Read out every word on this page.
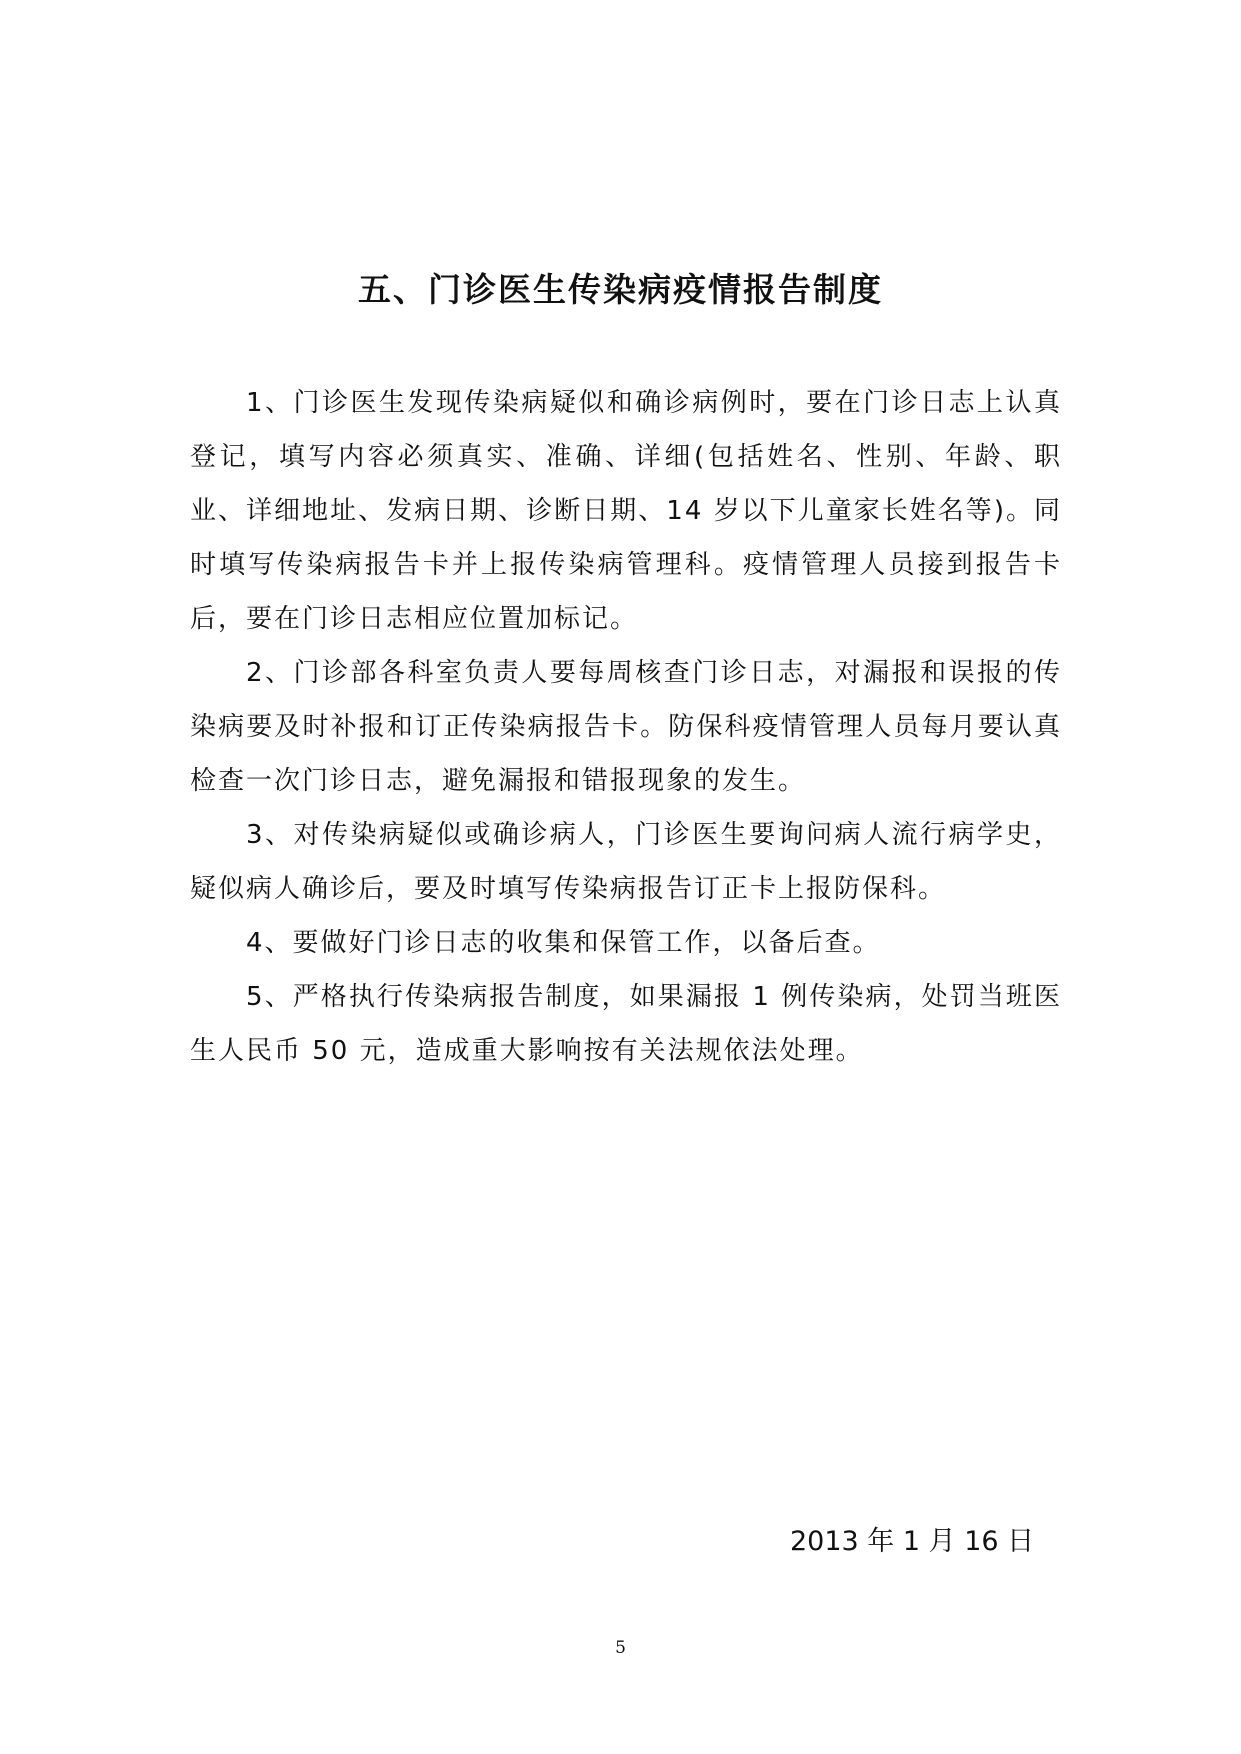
五、门诊医生传染病疫情报告制度

1、门诊医生发现传染病疑似和确诊病例时，要在门诊日志上认真登记，填写内容必须真实、准确、详细(包括姓名、性别、年龄、职业、详细地址、发病日期、诊断日期、14 岁以下儿童家长姓名等)。同时填写传染病报告卡并上报传染病管理科。疫情管理人员接到报告卡后，要在门诊日志相应位置加标记。

2、门诊部各科室负责人要每周核查门诊日志，对漏报和误报的传染病要及时补报和订正传染病报告卡。防保科疫情管理人员每月要认真检查一次门诊日志，避免漏报和错报现象的发生。

3、对传染病疑似或确诊病人，门诊医生要询问病人流行病学史，疑似病人确诊后，要及时填写传染病报告订正卡上报防保科。

4、要做好门诊日志的收集和保管工作，以备后查。

5、严格执行传染病报告制度，如果漏报 1 例传染病，处罚当班医生人民币 50 元，造成重大影响按有关法规依法处理。

2013 年 1 月 16 日
5
